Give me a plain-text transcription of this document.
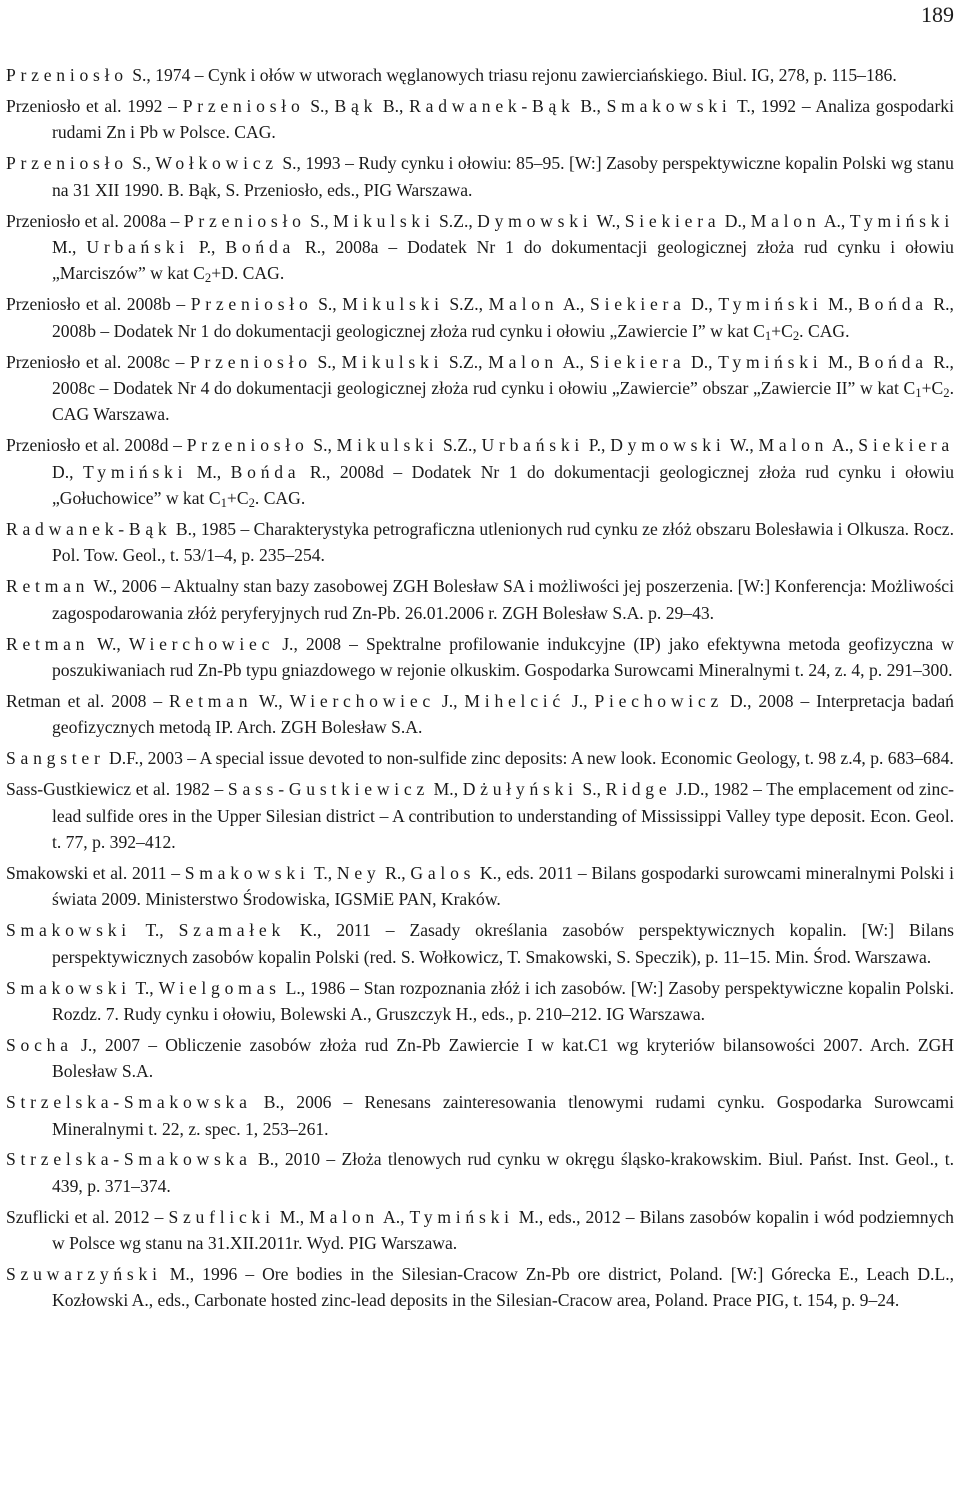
189

Przeniosło S., 1974 – Cynk i ołów w utworach węglanowych triasu rejonu zawierciańskiego. Biul. IG, 278, p. 115–186.

Przeniosło et al. 1992 – Przeniosło S., Bąk B., Radwanek-Bąk B., Smakowski T., 1992 – Analiza gospodarki rudami Zn i Pb w Polsce. CAG.

Przeniosło S., Wołkowicz S., 1993 – Rudy cynku i ołowiu: 85–95. [W:] Zasoby perspektywiczne kopalin Polski wg stanu na 31 XII 1990. B. Bąk, S. Przeniosło, eds., PIG Warszawa.

Przeniosło et al. 2008a – Przeniosło S., Mikulski S.Z., Dymowski W., Siekiera D., Malon A., Tymiński M., Urbański P., Bońda R., 2008a – Dodatek Nr 1 do dokumentacji geologicznej złoża rud cynku i ołowiu „Marciszów” w kat $C_2+D$. CAG.

Przeniosło et al. 2008b – Przeniosło S., Mikulski S.Z., Malon A., Siekiera D., Tymiński M., Bońda R., 2008b – Dodatek Nr 1 do dokumentacji geologicznej złoża rud cynku i ołowiu „Zawiercie I” w kat $C_1+C_2$. CAG.

Przeniosło et al. 2008c – Przeniosło S., Mikulski S.Z., Malon A., Siekiera D., Tymiński M., Bońda R., 2008c – Dodatek Nr 4 do dokumentacji geologicznej złoża rud cynku i ołowiu „Zawiercie” obszar „Zawiercie II” w kat $C_1+C_2$. CAG Warszawa.

Przeniosło et al. 2008d – Przeniosło S., Mikulski S.Z., Urbański P., Dymowski W., Malon A., Siekiera D., Tymiński M., Bońda R., 2008d – Dodatek Nr 1 do dokumentacji geologicznej złoża rud cynku i ołowiu „Gołuchowice” w kat $C_1+C_2$. CAG.

Radwanek-Bąk B., 1985 – Charakterystyka petrograficzna utlenionych rud cynku ze złóż obszaru Bolesławia i Olkusza. Rocz. Pol. Tow. Geol., t. 53/1–4, p. 235–254.

Retman W., 2006 – Aktualny stan bazy zasobowej ZGH Bolesław SA i możliwości jej poszerzenia. [W:] Konferencja: Możliwości zagospodarowania złóż peryferyjnych rud Zn-Pb. 26.01.2006 r. ZGH Bolesław S.A. p. 29–43.

Retman W., Wierchowiec J., 2008 – Spektralne profilowanie indukcyjne (IP) jako efektywna metoda geofizyczna w poszukiwaniach rud Zn-Pb typu gniazdowego w rejonie olkuskim. Gospodarka Surowcami Mineralnymi t. 24, z. 4, p. 291–300.

Retman et al. 2008 – Retman W., Wierchowiec J., Mihelcić J., Piechowicz D., 2008 – Interpretacja badań geofizycznych metodą IP. Arch. ZGH Bolesław S.A.

Sangster D.F., 2003 – A special issue devoted to non-sulfide zinc deposits: A new look. Economic Geology, t. 98 z.4, p. 683–684.

Sass-Gustkiewicz et al. 1982 – Sass-Gustkiewicz M., Dżułyński S., Ridge J.D., 1982 – The emplacement od zinc-lead sulfide ores in the Upper Silesian district – A contribution to understanding of Mississippi Valley type deposit. Econ. Geol. t. 77, p. 392–412.

Smakowski et al. 2011 – Smakowski T., Ney R., Galos K., eds. 2011 – Bilans gospodarki surowcami mineralnymi Polski i świata 2009. Ministerstwo Środowiska, IGSMiE PAN, Kraków.

Smakowski T., Szamałek K., 2011 – Zasady określania zasobów perspektywicznych kopalin. [W:] Bilans perspektywicznych zasobów kopalin Polski (red. S. Wołkowicz, T. Smakowski, S. Speczik), p. 11–15. Min. Środ. Warszawa.

Smakowski T., Wielgomas L., 1986 – Stan rozpoznania złóż i ich zasobów. [W:] Zasoby perspektywiczne kopalin Polski. Rozdz. 7. Rudy cynku i ołowiu, Bolewski A., Gruszczyk H., eds., p. 210–212. IG Warszawa.

Socha J., 2007 – Obliczenie zasobów złoża rud Zn-Pb Zawiercie I w kat.C1 wg kryteriów bilansowości 2007. Arch. ZGH Bolesław S.A.

Strzelska-Smakowska B., 2006 – Renesans zainteresowania tlenowymi rudami cynku. Gospodarka Surowcami Mineralnymi t. 22, z. spec. 1, 253–261.

Strzelska-Smakowska B., 2010 – Złoża tlenowych rud cynku w okręgu śląsko-krakowskim. Biul. Państ. Inst. Geol., t. 439, p. 371–374.

Szuflicki et al. 2012 – Szuflicki M., Malon A., Tymiński M., eds., 2012 – Bilans zasobów kopalin i wód podziemnych w Polsce wg stanu na 31.XII.2011r. Wyd. PIG Warszawa.

Szuwarzyński M., 1996 – Ore bodies in the Silesian-Cracow Zn-Pb ore district, Poland. [W:] Górecka E., Leach D.L., Kozłowski A., eds., Carbonate hosted zinc-lead deposits in the Silesian-Cracow area, Poland. Prace PIG, t. 154, p. 9–24.
